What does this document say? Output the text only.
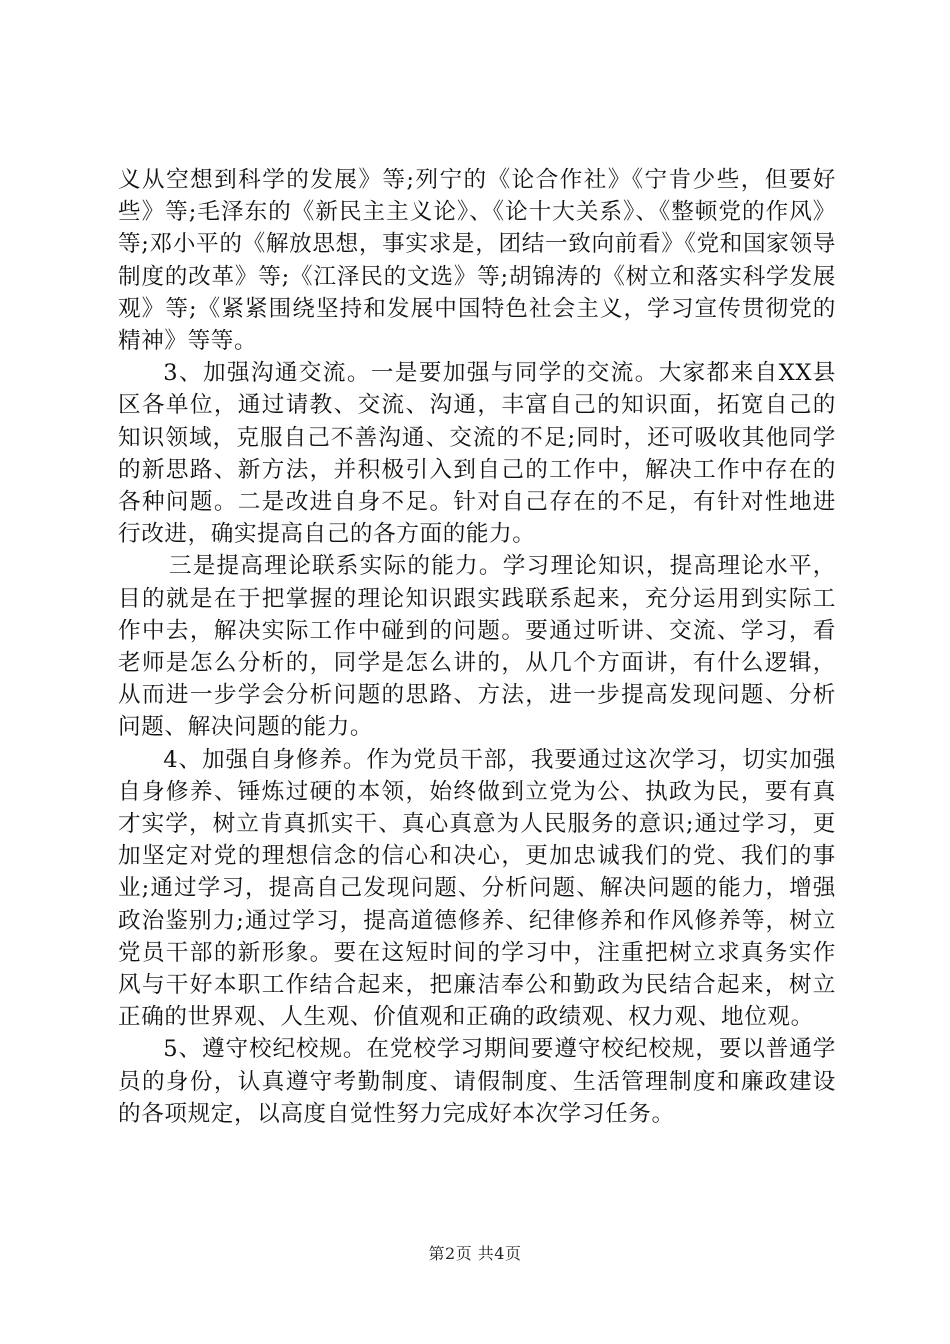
义从空想到科学的发展》等;列宁的《论合作社》《宁肯少些，但要好些》等;毛泽东的《新民主主义论》、《论十大关系》、《整顿党的作风》等;邓小平的《解放思想，事实求是，团结一致向前看》《党和国家领导制度的改革》等;《江泽民的文选》等;胡锦涛的《树立和落实科学发展观》等;《紧紧围绕坚持和发展中国特色社会主义，学习宣传贯彻党的精神》等等。

3、加强沟通交流。一是要加强与同学的交流。大家都来自XX县区各单位，通过请教、交流、沟通，丰富自己的知识面，拓宽自己的知识领域，克服自己不善沟通、交流的不足;同时，还可吸收其他同学的新思路、新方法，并积极引入到自己的工作中，解决工作中存在的各种问题。二是改进自身不足。针对自己存在的不足，有针对性地进行改进，确实提高自己的各方面的能力。

三是提高理论联系实际的能力。学习理论知识，提高理论水平，目的就是在于把掌握的理论知识跟实践联系起来，充分运用到实际工作中去，解决实际工作中碰到的问题。要通过听讲、交流、学习，看老师是怎么分析的，同学是怎么讲的，从几个方面讲，有什么逻辑，从而进一步学会分析问题的思路、方法，进一步提高发现问题、分析问题、解决问题的能力。

4、加强自身修养。作为党员干部，我要通过这次学习，切实加强自身修养、锤炼过硬的本领，始终做到立党为公、执政为民，要有真才实学，树立肯真抓实干、真心真意为人民服务的意识;通过学习，更加坚定对党的理想信念的信心和决心，更加忠诚我们的党、我们的事业;通过学习，提高自己发现问题、分析问题、解决问题的能力，增强政治鉴别力;通过学习，提高道德修养、纪律修养和作风修养等，树立党员干部的新形象。要在这短时间的学习中，注重把树立求真务实作风与干好本职工作结合起来，把廉洁奉公和勤政为民结合起来，树立正确的世界观、人生观、价值观和正确的政绩观、权力观、地位观。

5、遵守校纪校规。在党校学习期间要遵守校纪校规，要以普通学员的身份，认真遵守考勤制度、请假制度、生活管理制度和廉政建设的各项规定，以高度自觉性努力完成好本次学习任务。

第2页 共4页
